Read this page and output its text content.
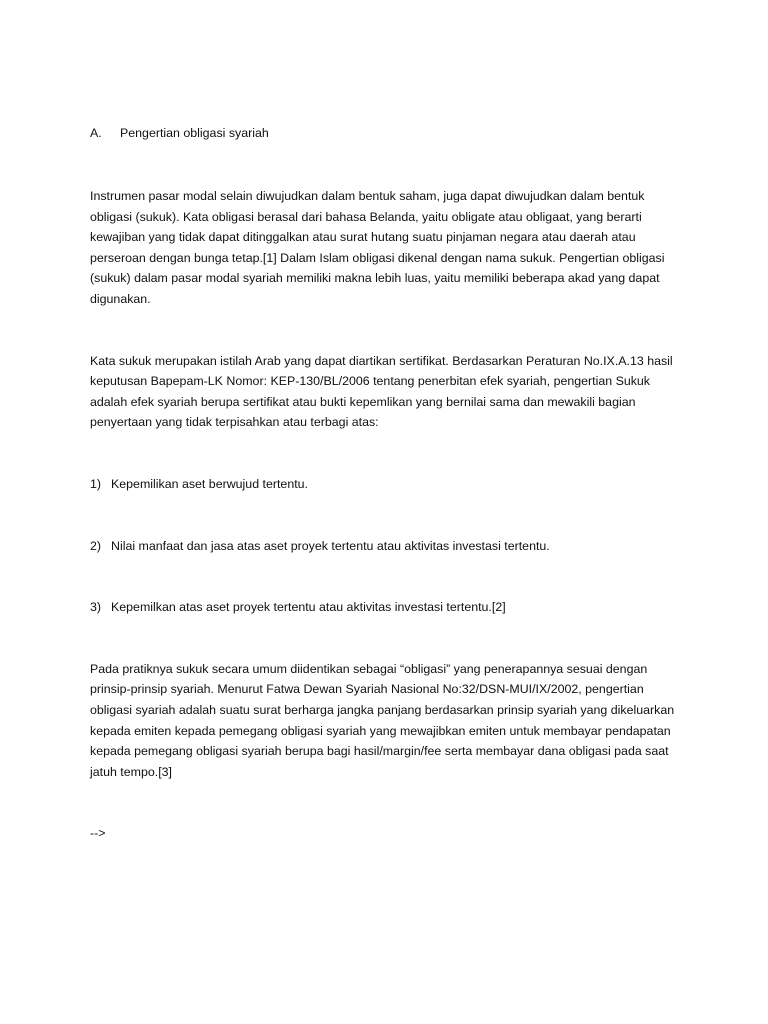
A.	Pengertian obligasi syariah

Instrumen pasar modal selain diwujudkan dalam bentuk saham, juga dapat diwujudkan dalam bentuk obligasi (sukuk). Kata obligasi berasal dari bahasa Belanda, yaitu obligate atau obligaat, yang berarti kewajiban yang tidak dapat ditinggalkan atau surat hutang suatu pinjaman negara atau daerah atau perseroan dengan bunga tetap.[1] Dalam Islam obligasi dikenal dengan nama sukuk. Pengertian obligasi (sukuk) dalam pasar modal syariah memiliki makna lebih luas, yaitu memiliki beberapa akad yang dapat digunakan.

Kata sukuk merupakan istilah Arab yang dapat diartikan sertifikat. Berdasarkan Peraturan No.IX.A.13 hasil keputusan Bapepam-LK Nomor: KEP-130/BL/2006 tentang penerbitan efek syariah, pengertian Sukuk adalah efek syariah berupa sertifikat atau bukti kepemlikan yang bernilai sama dan mewakili bagian penyertaan yang tidak terpisahkan atau terbagi atas:

1) Kepemilikan aset berwujud tertentu.
2) Nilai manfaat dan jasa atas aset proyek tertentu atau aktivitas investasi tertentu.
3) Kepemilkan atas aset proyek tertentu atau aktivitas investasi tertentu.[2]

Pada pratiknya sukuk secara umum diidentikan sebagai “obligasi” yang penerapannya sesuai dengan prinsip-prinsip syariah. Menurut Fatwa Dewan Syariah Nasional No:32/DSN-MUI/IX/2002, pengertian obligasi syariah adalah suatu surat berharga jangka panjang berdasarkan prinsip syariah yang dikeluarkan kepada emiten kepada pemegang obligasi syariah yang mewajibkan emiten untuk membayar pendapatan kepada pemegang obligasi syariah berupa bagi hasil/margin/fee serta membayar dana obligasi pada saat jatuh tempo.[3]

-->
